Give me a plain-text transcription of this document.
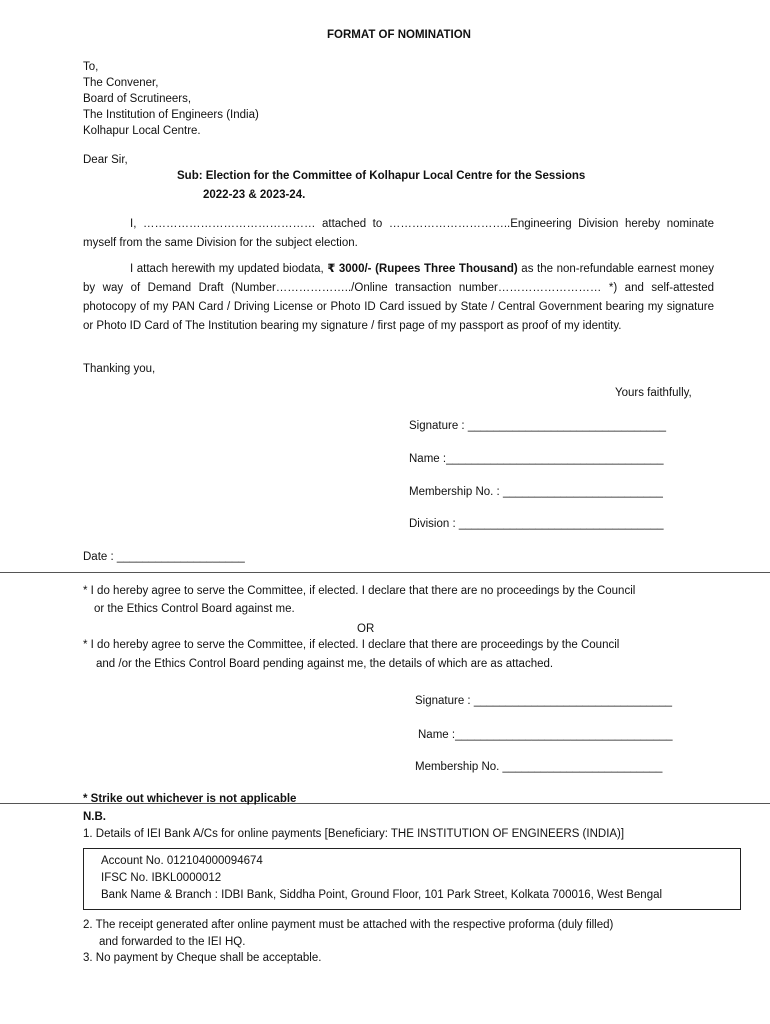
FORMAT OF NOMINATION
To,
The Convener,
Board of Scrutineers,
The Institution of Engineers (India)
Kolhapur Local Centre.
Dear Sir,
Sub: Election for the Committee of Kolhapur Local Centre for the Sessions
2022-23 & 2023-24.

I, ……………………………………… attached to …………………………..Engineering Division hereby nominate myself from the same Division for the subject election.

I attach herewith my updated biodata, ₹ 3000/- (Rupees Three Thousand) as the non-refundable earnest money by way of Demand Draft (Number………………../Online transaction number……………………… *) and self-attested photocopy of my PAN Card / Driving License or Photo ID Card issued by State / Central Government bearing my signature or Photo ID Card of The Institution bearing my signature / first page of my passport as proof of my identity.

Thanking you,
Yours faithfully,
Signature : _______________________________
Name :__________________________________
Membership No. : _________________________
Division : ________________________________
Date : ____________________
* I do hereby agree to serve the Committee, if elected. I declare that there are no proceedings by the Council
or the Ethics Control Board against me.
OR
* I do hereby agree to serve the Committee, if elected. I declare that there are proceedings by the Council
and /or the Ethics Control Board pending against me, the details of which are as attached.
Signature : _______________________________
Name :__________________________________
Membership No. _________________________
* Strike out whichever is not applicable
N.B.
1. Details of IEI Bank A/Cs for online payments [Beneficiary: THE INSTITUTION OF ENGINEERS (INDIA)]
Account No. 012104000094674
IFSC No. IBKL0000012
Bank Name & Branch : IDBI Bank, Siddha Point, Ground Floor, 101 Park Street, Kolkata 700016, West Bengal
2. The receipt generated after online payment must be attached with the respective proforma (duly filled)
and forwarded to the IEI HQ.
3. No payment by Cheque shall be acceptable.
